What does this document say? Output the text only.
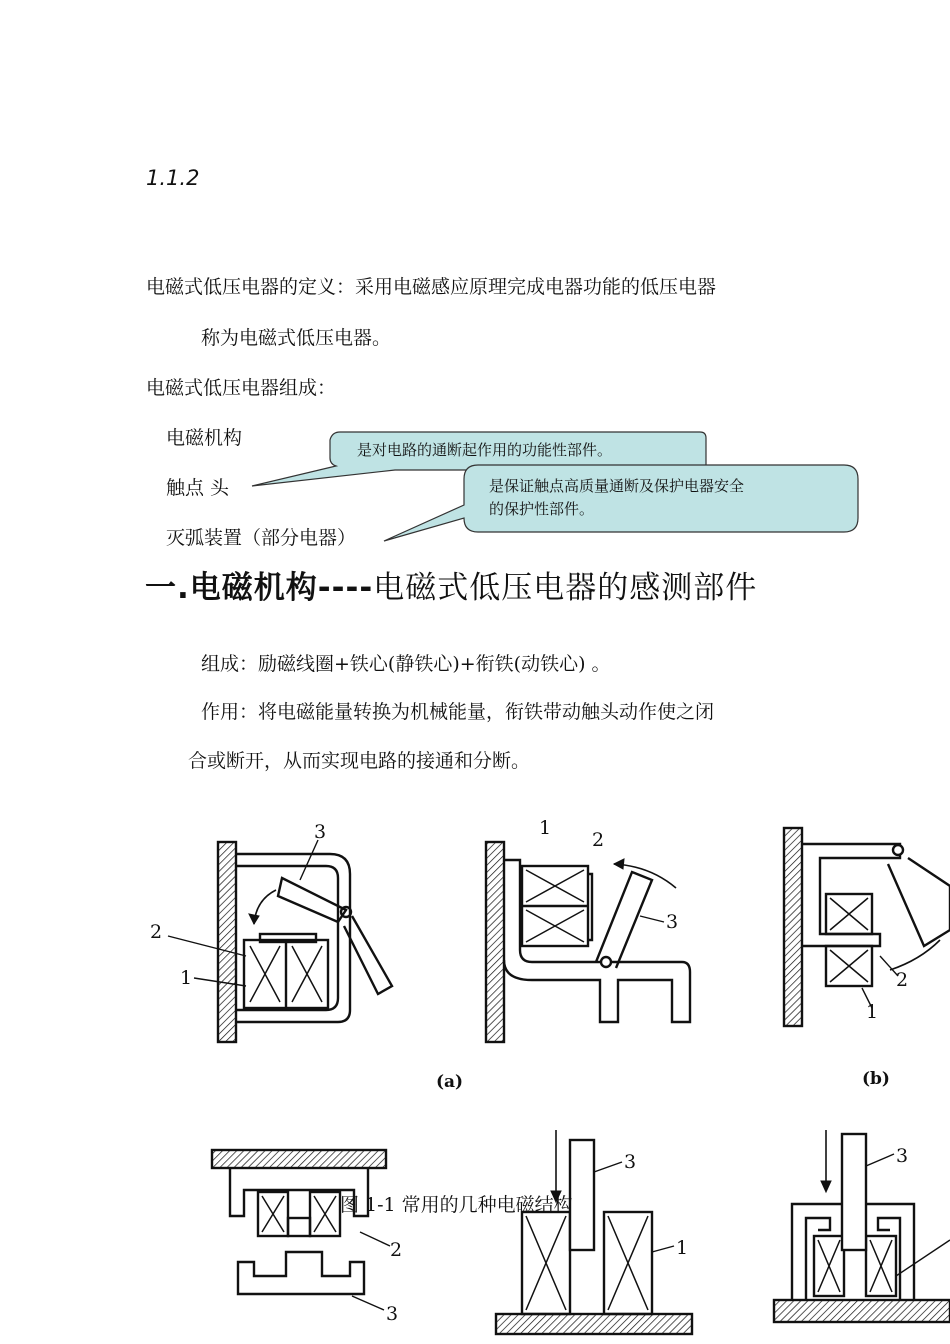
1.1.2
电磁式低压电器的定义：采用电磁感应原理完成电器功能的低压电器
称为电磁式低压电器。
电磁式低压电器组成：
电磁机构
触点 头
灭弧装置（部分电器）
是对电路的通断起作用的功能性部件。
是保证触点高质量通断及保护电器安全
的保护性部件。
一.电磁机构----电磁式低压电器的感测部件
组成：励磁线圈+铁心(静铁心)+衔铁(动铁心) 。
作用：将电磁能量转换为机械能量，衔铁带动触头动作使之闭
合或断开，从而实现电路的接通和分断。
2
1
3	1
2
3
1
2
2
3
3
1
3
(a)	(b)
图 1-1 常用的几种电磁结构
